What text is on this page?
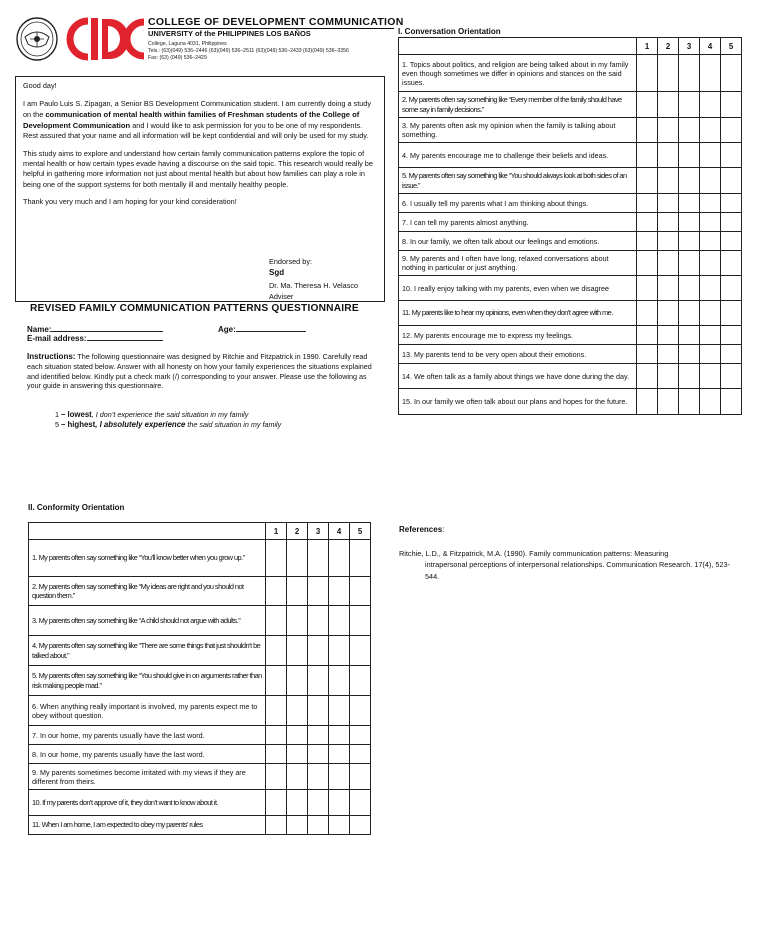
COLLEGE OF DEVELOPMENT COMMUNICATION
UNIVERSITY of the PHILIPPINES LOS BAÑOS
College, Laguna 4031, Philippines
Tels.: (63)(049) 536–2446 (63)(049) 536–2511 (63)(049) 536–2433 (63)(049) 536–3356
Fax: (63) (049) 536–2429

Good day!

I am Paulo Luis S. Zipagan, a Senior BS Development Communication student. I am currently doing a study on the communication of mental health within families of Freshman students of the College of Development Communication and I would like to ask permission for you to be one of my respondents. Rest assured that your name and all information will be kept confidential and will only be used for my study.

This study aims to explore and understand how certain family communication patterns explore the topic of mental health or how certain types evade having a discourse on the said topic. This research would really be helpful in gathering more information not just about mental health but about how families can play a role in being one of the support systems for both mentally ill and mentally healthy people.

Thank you very much and I am hoping for your kind consideration!

Endorsed by:
Sgd
Dr. Ma. Theresa H. Velasco
Adviser
REVISED FAMILY COMMUNICATION PATTERNS QUESTIONNAIRE
Name:	Age:
E-mail address:
Instructions: The following questionnaire was designed by Ritchie and Fitzpatrick in 1990. Carefully read each situation stated below. Answer with all honesty on how your family experiences the situations explained and identified below. Kindly put a check mark (/) corresponding to your answer. Please use the following as your guide in answering this questionnaire.
1 – lowest, I don’t experience the said situation in my family
5 – highest, I absolutely experience the said situation in my family
I. Conversation Orientation
	1	2	3	4	5
1. Topics about politics, and religion are being talked about in my family even though sometimes we differ in opinions and stances on the said issues.					
2. My parents often say something like “Every member of the family should have some say in family decisions.”					
3. My parents often ask my opinion when the family is talking about something.					
4. My parents encourage me to challenge their beliefs and ideas.					
5. My parents often say something like “You should always look at both sides of an issue.”					
6. I usually tell my parents what I am thinking about things.					
7. I can tell my parents almost anything.					
8. In our family, we often talk about our feelings and emotions.					
9. My parents and I often have long, relaxed conversations about nothing in particular or just anything.					
10. I really enjoy talking with my parents, even when we disagree					
11. My parents like to hear my opinions, even when they don’t agree with me.					
12. My parents encourage me to express my feelings.					
13. My parents tend to be very open about their emotions.					
14. We often talk as a family about things we have done during the day.					
15. In our family we often talk about our plans and hopes for the future.					
II. Conformity Orientation
	1	2	3	4	5
1. My parents often say something like “You’ll know better when you grow up.”					
2. My parents often say something like “My ideas are right and you should not question them.”					
3. My parents often say something like “A child should not argue with adults.”					
4. My parents often say something like “There are some things that just shouldn’t be talked about.”					
5. My parents often say something like “You should give in on arguments rather than risk making people mad.”					
6. When anything really important is involved, my parents expect me to obey without question.					
7. In our home, my parents usually have the last word.					
8. In our home, my parents usually have the last word.					
9. My parents sometimes become irritated with my views if they are different from theirs.					
10. If my parents don’t approve of it, they don’t want to know about it.					
11. When I am home, I am expected to obey my parents’ rules					
References:
Ritchie, L.D., & Fitzpatrick, M.A. (1990). Family communication patterns: Measuring
intrapersonal perceptions of interpersonal relationships. Communication Research. 17(4), 523-544.
